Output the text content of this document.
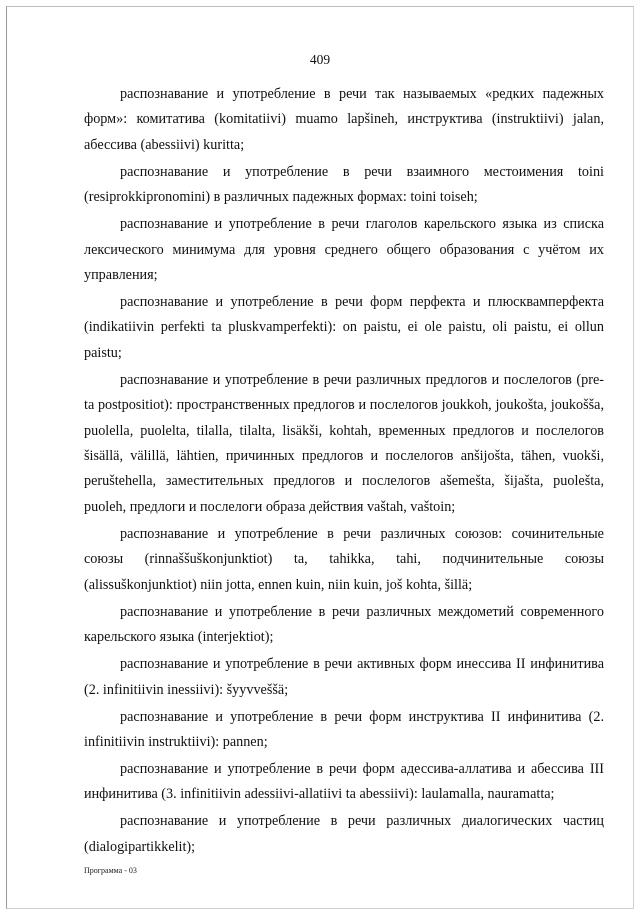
409

распознавание и употребление в речи так называемых «редких падежных форм»: комитатива (komitatiivi) muamo lapšineh, инструктива (instruktiivi) jalan, абессива (abessiivi) kuritta;

распознавание и употребление в речи взаимного местоимения toini (resiprokkipronomini) в различных падежных формах: toini toiseh;

распознавание и употребление в речи глаголов карельского языка из списка лексического минимума для уровня среднего общего образования с учётом их управления;

распознавание и употребление в речи форм перфекта и плюсквамперфекта (indikatiivin perfekti ta pluskvamperfekti): on paistu, ei ole paistu, oli paistu, ei ollun paistu;

распознавание и употребление в речи различных предлогов и послелогов (pre- ta postpositiot): пространственных предлогов и послелогов joukkoh, joukošta, joukošša, puolella, puolelta, tilalla, tilalta, lisäkši, kohtah, временных предлогов и послелогов šisällä, välillä, lähtien, причинных предлогов и послелогов anšijošta, tähen, vuokši, peruštehella, заместительных предлогов и послелогов ašemešta, šijašta, puolešta, puoleh, предлоги и послелоги образа действия vaštah, vaštoin;

распознавание и употребление в речи различных союзов: сочинительные союзы (rinnaššuškonjunktiot) ta, tahikka, tahi, подчинительные союзы (alissuškonjunktiot) niin jotta, ennen kuin, niin kuin, još kohta, šillä;

распознавание и употребление в речи различных междометий современного карельского языка (interjektiot);

распознавание и употребление в речи активных форм инессива II инфинитива (2. infinitiivin inessiivi): šyyvveššä;

распознавание и употребление в речи форм инструктива II инфинитива (2. infinitiivin instruktiivi): pannen;

распознавание и употребление в речи форм адессива-аллатива и абессива III инфинитива (3. infinitiivin adessiivi-allatiivi ta abessiivi): laulamalla, nauramatta;

распознавание и употребление в речи различных диалогических частиц (dialogipartikkelit);

Программа - 03
